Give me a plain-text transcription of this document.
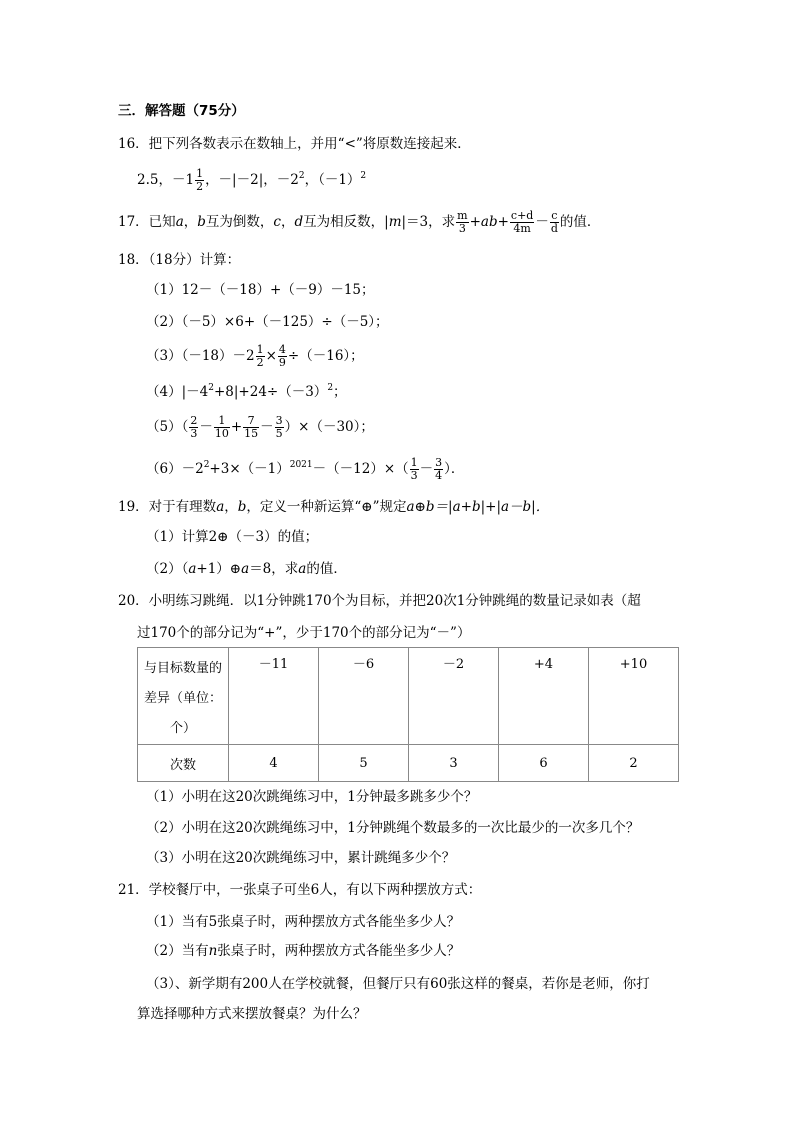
三．解答题（75分）
16．把下列各数表示在数轴上，并用“<”将原数连接起来．
2.5，$-1 \frac{1}{2}$ ，－|－2|，$-2^2$，$(-1)^2$
17．已知a，b互为倒数，c，d互为相反数，|m|＝3，求 $\frac{m}{3} +ab+ \frac{c+d}{4m} - \frac{c}{d}$ 的值．
18．（18分）计算：
（1）12－（－18）+（－9）－15；
（2）（－5）×6+（－125）÷（－5）；
$(3)(-18)-2 \frac{1}{2} \times \frac{4}{9} \div(-16)$；
$(4)|-4^2+8|+24\div(-3)^2$；
$(5)( \frac{2}{3} - \frac{1}{10} + \frac{7}{15} - \frac{3}{5} )\times(-30)$；
$(6)-2^2+3\times(-1)^{2021}-(-12)\times( \frac{1}{3} - \frac{3}{4}$ ）．
19．对于有理数a，b，定义一种新运算“⊕”规定a⊕b＝|a+b|+|a－b|．
（1）计算2⊕（－3）的值；
（2）（a+1）⊕a＝8，求a的值．
20．小明练习跳绳．以1分钟跳170个为目标，并把20次1分钟跳绳的数量记录如表（超
过170个的部分记为“+”，少于170个的部分记为“－”）
与目标数量的差异（单位：个）	－11	－6	－2	+4	+10

次数	4	5	3	6	2
（1）小明在这20次跳绳练习中，1分钟最多跳多少个？
（2）小明在这20次跳绳练习中，1分钟跳绳个数最多的一次比最少的一次多几个？
（3）小明在这20次跳绳练习中，累计跳绳多少个？
21．学校餐厅中，一张桌子可坐6人，有以下两种摆放方式：
（1）当有5张桌子时，两种摆放方式各能坐多少人？
（2）当有n张桌子时，两种摆放方式各能坐多少人？
（3）、新学期有200人在学校就餐，但餐厅只有60张这样的餐桌，若你是老师，你打
算选择哪种方式来摆放餐桌？为什么？
